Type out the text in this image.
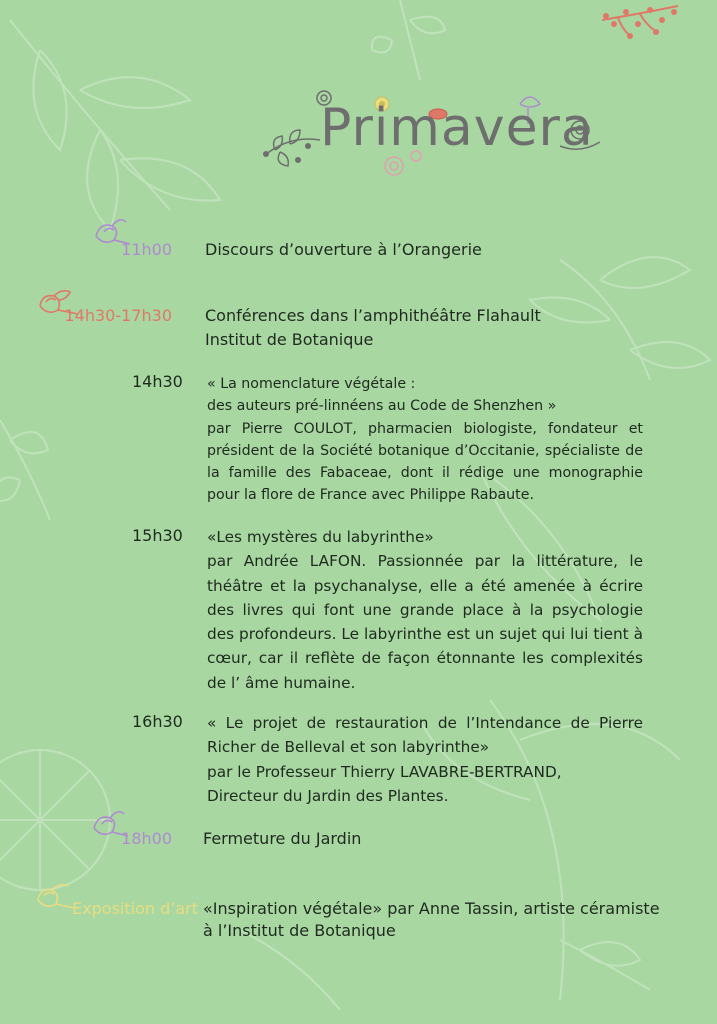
Primavera
11h00 Discours d’ouverture à l’Orangerie
14h30-17h30 Conférences dans l’amphithéâtre Flahault
Institut de Botanique
14h30 « La nomenclature végétale :
des auteurs pré-linnéens au Code de Shenzhen »
par Pierre COULOT, pharmacien biologiste, fondateur et président de la Société botanique d’Occitanie, spécialiste de la famille des Fabaceae, dont il rédige une monographie pour la flore de France avec Philippe Rabaute.
15h30 «Les mystères du labyrinthe»
par Andrée LAFON. Passionnée par la littérature, le théâtre et la psychanalyse, elle a été amenée à écrire des livres qui font une grande place à la psychologie des profondeurs. Le labyrinthe est un sujet qui lui tient à cœur, car il reflète de façon étonnante les complexités de l’ âme humaine.
16h30 « Le projet de restauration de l’Intendance de Pierre Richer de Belleval et son labyrinthe»
par le Professeur Thierry LAVABRE-BERTRAND,
Directeur du Jardin des Plantes.
18h00 Fermeture du Jardin
Exposition d’art «Inspiration végétale» par Anne Tassin, artiste céramiste
à l’Institut de Botanique
